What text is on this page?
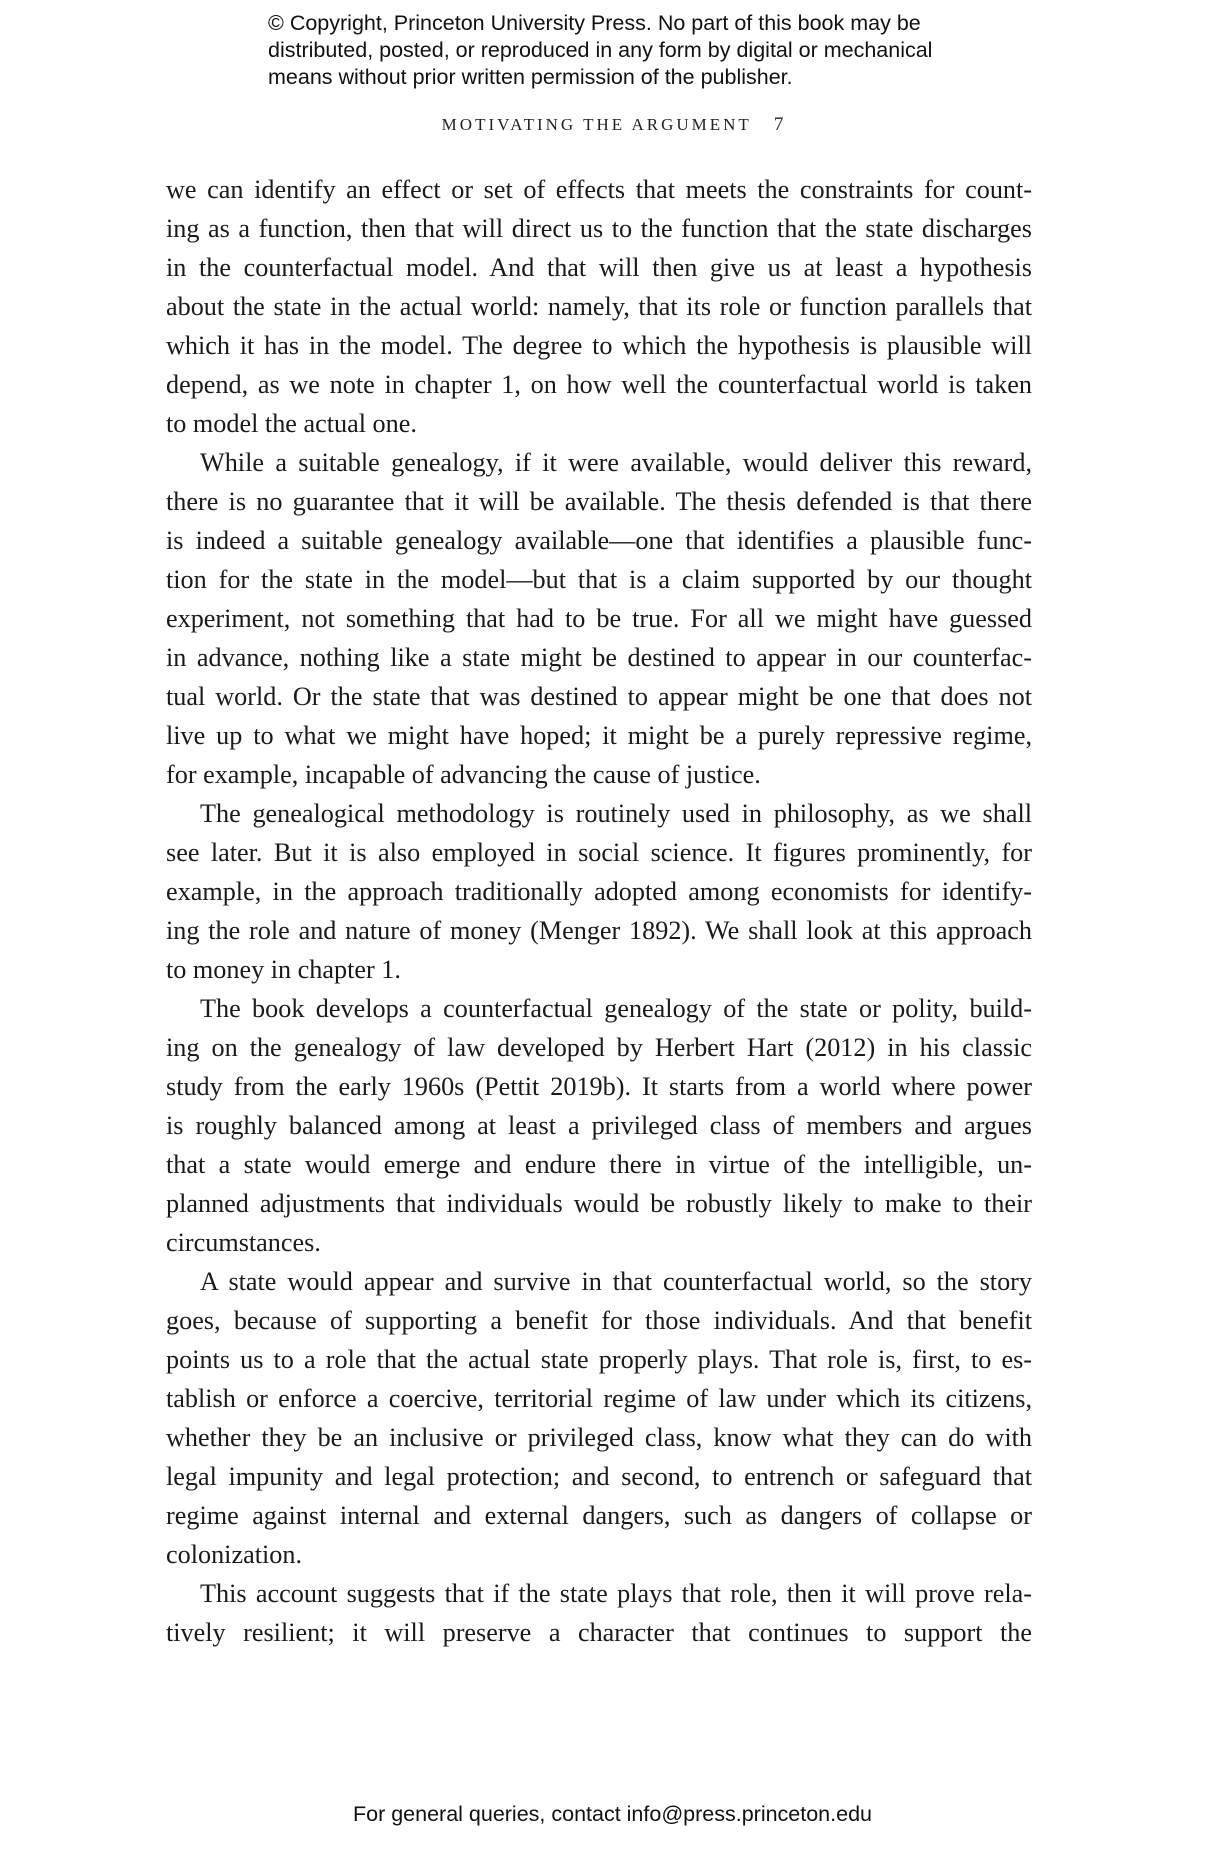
© Copyright, Princeton University Press. No part of this book may be
distributed, posted, or reproduced in any form by digital or mechanical
means without prior written permission of the publisher.
MOTIVATING THE ARGUMENT 7
we can identify an effect or set of effects that meets the constraints for count-
ing as a function, then that will direct us to the function that the state discharges
in the counterfactual model. And that will then give us at least a hypothesis
about the state in the actual world: namely, that its role or function parallels that
which it has in the model. The degree to which the hypothesis is plausible will
depend, as we note in chapter 1, on how well the counterfactual world is taken
to model the actual one.
While a suitable genealogy, if it were available, would deliver this reward,
there is no guarantee that it will be available. The thesis defended is that there
is indeed a suitable genealogy available—one that identifies a plausible func-
tion for the state in the model—but that is a claim supported by our thought
experiment, not something that had to be true. For all we might have guessed
in advance, nothing like a state might be destined to appear in our counterfac-
tual world. Or the state that was destined to appear might be one that does not
live up to what we might have hoped; it might be a purely repressive regime,
for example, incapable of advancing the cause of justice.
The genealogical methodology is routinely used in philosophy, as we shall
see later. But it is also employed in social science. It figures prominently, for
example, in the approach traditionally adopted among economists for identify-
ing the role and nature of money (Menger 1892). We shall look at this approach
to money in chapter 1.
The book develops a counterfactual genealogy of the state or polity, build-
ing on the genealogy of law developed by Herbert Hart (2012) in his classic
study from the early 1960s (Pettit 2019b). It starts from a world where power
is roughly balanced among at least a privileged class of members and argues
that a state would emerge and endure there in virtue of the intelligible, un-
planned adjustments that individuals would be robustly likely to make to their
circumstances.
A state would appear and survive in that counterfactual world, so the story
goes, because of supporting a benefit for those individuals. And that benefit
points us to a role that the actual state properly plays. That role is, first, to es-
tablish or enforce a coercive, territorial regime of law under which its citizens,
whether they be an inclusive or privileged class, know what they can do with
legal impunity and legal protection; and second, to entrench or safeguard that
regime against internal and external dangers, such as dangers of collapse or
colonization.
This account suggests that if the state plays that role, then it will prove rela-
tively resilient; it will preserve a character that continues to support the
For general queries, contact info@press.princeton.edu
